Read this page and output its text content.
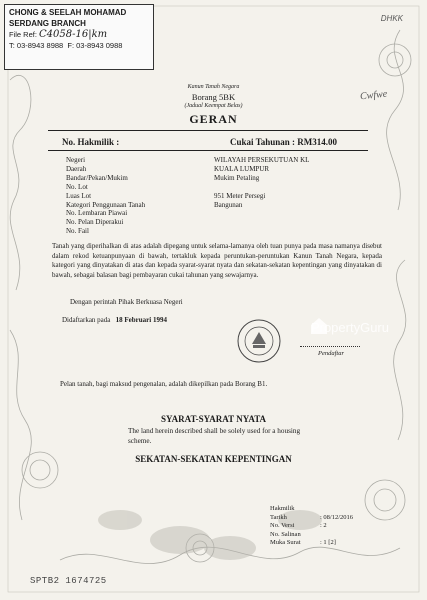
CHONG & SEELAH MOHAMAD
SERDANG BRANCH
File Ref: C4058-16|km
T: 03-8943 8988 F: 03-8943 0988
DHKK
Cwfwe
Kanun Tanah Negara
Borang 5BK
(Jadual Keempat Belas)
GERAN
No. Hakmilik :	Cukai Tahunan : RM314.00
Negeri	WILAYAH PERSEKUTUAN KL
Daerah	KUALA LUMPUR
Bandar/Pekan/Mukim	Mukim Petaling
No. Lot
Luas Lot	951 Meter Persegi
Kategori Penggunaan Tanah	Bangunan
No. Lembaran Piawai
No. Pelan Diperakui
No. Fail
Tanah yang diperihalkan di atas adalah dipegang untuk selama-lamanya oleh tuan punya pada masa namanya disebut dalam rekod ketuanpunyaan di bawah, tertakluk kepada peruntukan-peruntukan Kanun Tanah Negara, kepada kategori yang dinyatakan di atas dan kepada syarat-syarat nyata dan sekatan-sekatan kepentingan yang dinyatakan di bawah, sebagai balasan bagi pembayaran cukai tahunan yang sewajarnya.
Dengan perintah Pihak Berkuasa Negeri
Didaftarkan pada 18 Februari 1994	PropertyGuru
Pendaftar
Pelan tanah, bagi maksud pengenalan, adalah dikepilkan pada Borang B1.
SYARAT-SYARAT NYATA
The land herein described shall be solely used for a housing scheme.
SEKATAN-SEKATAN KEPENTINGAN
Hakmilik
Tarikh	: 08/12/2016
No. Versi	: 2
No. Salinan
Muka Surat	: 1 [2]
SPTB2 1674725
